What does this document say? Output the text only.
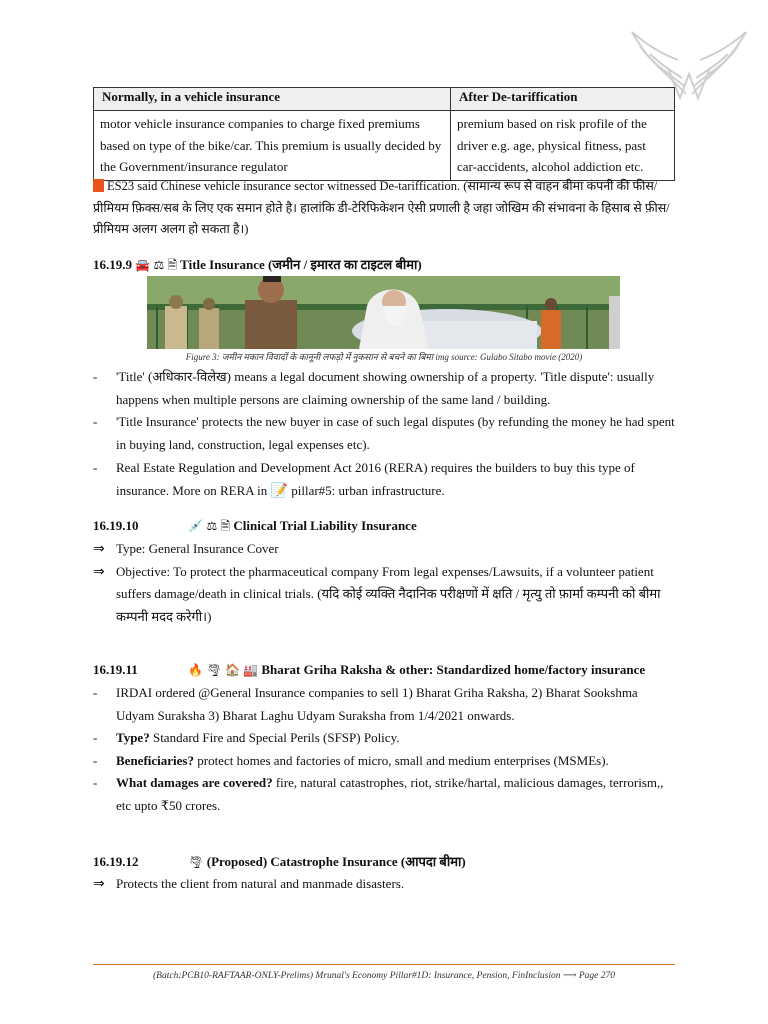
Normally, in a vehicle insurance	After De-tariffication
motor vehicle insurance companies to charge fixed premiums based on type of the bike/car. This premium is usually decided by the Government/insurance regulator	premium based on risk profile of the driver e.g. age, physical fitness, past car-accidents, alcohol addiction etc.
ES23 said Chinese vehicle insurance sector witnessed De-tariffication. (सामान्य रूप से वाहन बीमा कंपनी की फीस/प्रीमियम फ़िक्स/सब के लिए एक समान होते है। हालांकि डी-टेरिफिकेशन ऐसी प्रणाली है जहा जोखिम की संभावना के हिसाब से फ़ीस/प्रीमियम अलग अलग हो सकता है।)
16.19.9 🚘 ⚖ 🗎 Title Insurance (जमीन / इमारत का टाइटल बीमा)
Figure 3: जमीन मकान विवादों के कानूनी लफड़ो में नुकसान से बचने का बिमा img source: Gulabo Sitabo movie (2020)
- 'Title' (अधिकार-विलेख) means a legal document showing ownership of a property. 'Title dispute': usually happens when multiple persons are claiming ownership of the same land / building.
- 'Title Insurance' protects the new buyer in case of such legal disputes (by refunding the money he had spent in buying land, construction, legal expenses etc).
- Real Estate Regulation and Development Act 2016 (RERA) requires the builders to buy this type of insurance. More on RERA in 📝 pillar#5: urban infrastructure.
16.19.10	💉 ⚖ 🗎 Clinical Trial Liability Insurance
⇒ Type: General Insurance Cover
⇒ Objective: To protect the pharmaceutical company From legal expenses/Lawsuits, if a volunteer patient suffers damage/death in clinical trials. (यदि कोई व्यक्ति नैदानिक परीक्षणों में क्षति / मृत्यु तो फ़ार्मा कम्पनी को बीमा कम्पनी मदद करेगी।)
16.19.11	🔥 🌪 🏠 🏭 Bharat Griha Raksha & other: Standardized home/factory insurance
- IRDAI ordered @General Insurance companies to sell 1) Bharat Griha Raksha, 2) Bharat Sookshma Udyam Suraksha 3) Bharat Laghu Udyam Suraksha from 1/4/2021 onwards.
- Type? Standard Fire and Special Perils (SFSP) Policy.
- Beneficiaries? protect homes and factories of micro, small and medium enterprises (MSMEs).
- What damages are covered? fire, natural catastrophes, riot, strike/hartal, malicious damages, terrorism,, etc upto ₹50 crores.
16.19.12	🌪 (Proposed) Catastrophe Insurance (आपदा बीमा)
⇒ Protects the client from natural and manmade disasters.
(Batch:PCB10-RAFTAAR-ONLY-Prelims) Mrunal's Economy Pillar#1D: Insurance, Pension, FinInclusion ⟶ Page 270
